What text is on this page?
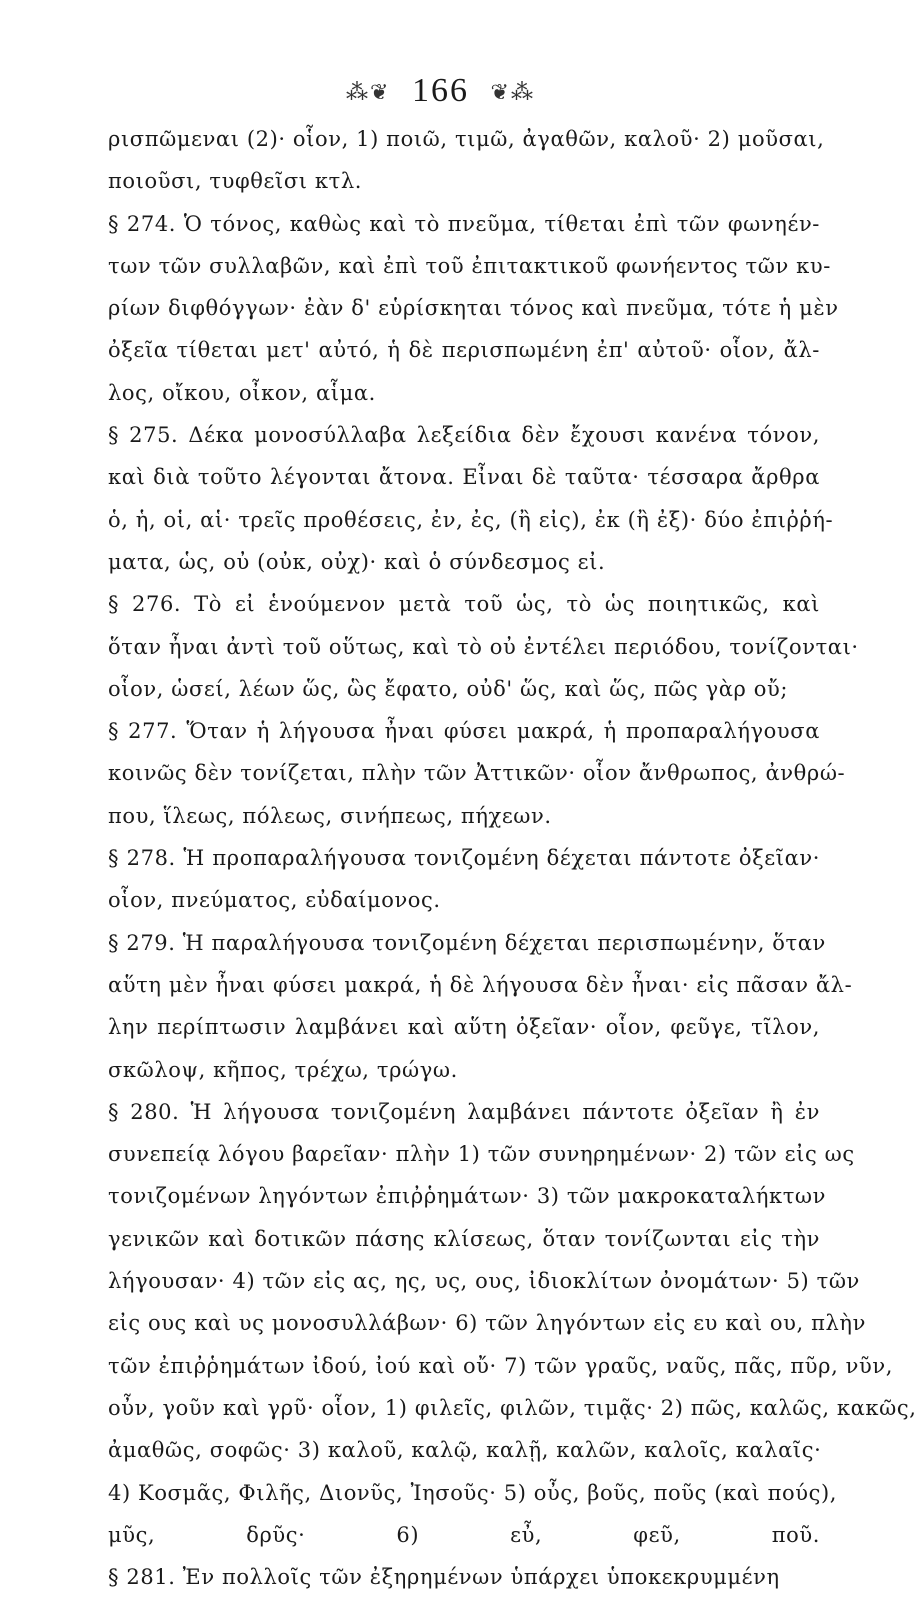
⁂❦ 166 ❦⁂
ρισπῶμεναι (2)· οἷον, 1) ποιῶ, τιμῶ, ἀγαθῶν, καλοῦ· 2) μοῦσαι,
ποιοῦσι, τυφθεῖσι κτλ.
§ 274. Ὁ τόνος, καθὼς καὶ τὸ πνεῦμα, τίθεται ἐπὶ τῶν φωνηέν-
των τῶν συλλαβῶν, καὶ ἐπὶ τοῦ ἐπιτακτικοῦ φωνήεντος τῶν κυ-
ρίων διφθόγγων· ἐὰν δ' εὑρίσκηται τόνος καὶ πνεῦμα, τότε ἡ μὲν
ὀξεῖα τίθεται μετ' αὐτό, ἡ δὲ περισπωμένη ἐπ' αὐτοῦ· οἷον, ἄλ-
λος, οἴκου, οἶκον, αἷμα.
§ 275. Δέκα μονοσύλλαβα λεξείδια δὲν ἔχουσι κανένα τόνον,
καὶ διὰ τοῦτο λέγονται ἄτονα. Εἶναι δὲ ταῦτα· τέσσαρα ἄρθρα
ὁ, ἡ, οἱ, αἱ· τρεῖς προθέσεις, ἐν, ἐς, (ἢ εἰς), ἐκ (ἢ ἐξ)· δύο ἐπιῤῥή-
ματα, ὡς, οὐ (οὐκ, οὐχ)· καὶ ὁ σύνδεσμος εἰ.
§ 276. Τὸ εἰ ἑνούμενον μετὰ τοῦ ὡς, τὸ ὡς ποιητικῶς, καὶ
ὅταν ἦναι ἀντὶ τοῦ οὕτως, καὶ τὸ οὐ ἐντέλει περιόδου, τονίζονται·
οἷον, ὡσεί, λέων ὥς, ὣς ἔφατο, οὐδ' ὥς, καὶ ὥς, πῶς γὰρ οὔ;
§ 277. Ὅταν ἡ λήγουσα ἦναι φύσει μακρά, ἡ προπαραλήγουσα
κοινῶς δὲν τονίζεται, πλὴν τῶν Ἀττικῶν· οἷον ἄνθρωπος, ἀνθρώ-
που, ἵλεως, πόλεως, σινήπεως, πήχεων.
§ 278. Ἡ προπαραλήγουσα τονιζομένη δέχεται πάντοτε ὀξεῖαν·
οἷον, πνεύματος, εὐδαίμονος.
§ 279. Ἡ παραλήγουσα τονιζομένη δέχεται περισπωμένην, ὅταν
αὕτη μὲν ἦναι φύσει μακρά, ἡ δὲ λήγουσα δὲν ἦναι· εἰς πᾶσαν ἄλ-
λην περίπτωσιν λαμβάνει καὶ αὕτη ὀξεῖαν· οἷον, φεῦγε, τῖλον,
σκῶλοψ, κῆπος, τρέχω, τρώγω.
§ 280. Ἡ λήγουσα τονιζομένη λαμβάνει πάντοτε ὀξεῖαν ἢ ἐν
συνεπείᾳ λόγου βαρεῖαν· πλὴν 1) τῶν συνηρημένων· 2) τῶν εἰς ως
τονιζομένων ληγόντων ἐπιῤῥημάτων· 3) τῶν μακροκαταλήκτων
γενικῶν καὶ δοτικῶν πάσης κλίσεως, ὅταν τονίζωνται εἰς τὴν
λήγουσαν· 4) τῶν εἰς ας, ης, υς, ους, ἰδιοκλίτων ὀνομάτων· 5) τῶν
εἰς ους καὶ υς μονοσυλλάβων· 6) τῶν ληγόντων εἰς ευ καὶ ου, πλὴν
τῶν ἐπιῤῥημάτων ἰδού, ἰού καὶ οὔ· 7) τῶν γραῦς, ναῦς, πᾶς, πῦρ, νῦν,
οὖν, γοῦν καὶ γρῦ· οἷον, 1) φιλεῖς, φιλῶν, τιμᾷς· 2) πῶς, καλῶς, κακῶς,
ἀμαθῶς, σοφῶς· 3) καλοῦ, καλῷ, καλῇ, καλῶν, καλοῖς, καλαῖς·
4) Κοσμᾶς, Φιλῆς, Διονῦς, Ἰησοῦς· 5) οὖς, βοῦς, ποῦς (καὶ πούς),
μῦς, δρῦς· 6) εὖ, φεῦ, ποῦ.
§ 281. Ἐν πολλοῖς τῶν ἐξηρημένων ὑπάρχει ὑποκεκρυμμένη
